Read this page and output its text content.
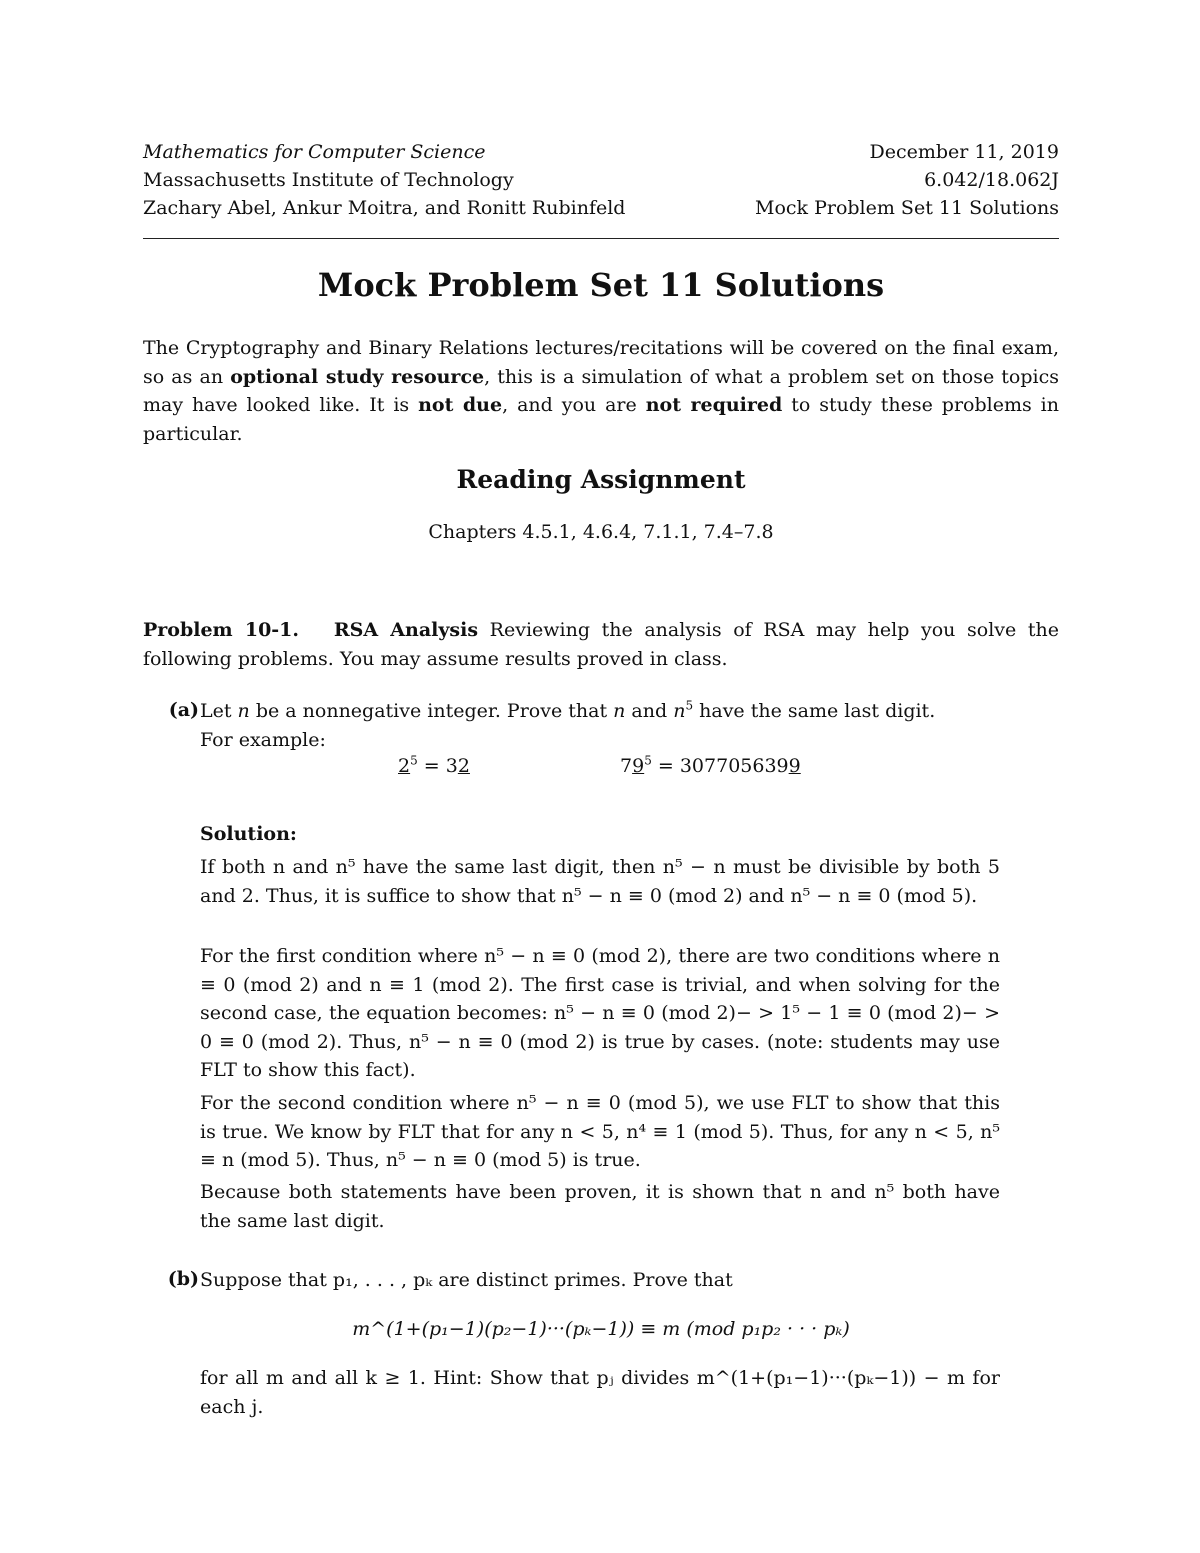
Mathematics for Computer Science	December 11, 2019
Massachusetts Institute of Technology	6.042/18.062J
Zachary Abel, Ankur Moitra, and Ronitt Rubinfeld	Mock Problem Set 11 Solutions
Mock Problem Set 11 Solutions
The Cryptography and Binary Relations lectures/recitations will be covered on the final exam, so as an optional study resource, this is a simulation of what a problem set on those topics may have looked like. It is not due, and you are not required to study these problems in particular.
Reading Assignment
Chapters 4.5.1, 4.6.4, 7.1.1, 7.4–7.8
Problem 10-1. RSA Analysis Reviewing the analysis of RSA may help you solve the following problems. You may assume results proved in class.
(a) Let n be a nonnegative integer. Prove that n and $n^5$ have the same last digit.
For example:
$2^5 = 32$	$79^5 = 3077056399$
Solution:
If both n and n⁵ have the same last digit, then n⁵ − n must be divisible by both 5 and 2. Thus, it is suffice to show that n⁵ − n ≡ 0 (mod 2) and n⁵ − n ≡ 0 (mod 5).
For the first condition where n⁵ − n ≡ 0 (mod 2), there are two conditions where n ≡ 0 (mod 2) and n ≡ 1 (mod 2). The first case is trivial, and when solving for the second case, the equation becomes: n⁵ − n ≡ 0 (mod 2)− > 1⁵ − 1 ≡ 0 (mod 2)− > 0 ≡ 0 (mod 2). Thus, n⁵ − n ≡ 0 (mod 2) is true by cases. (note: students may use FLT to show this fact).
For the second condition where n⁵ − n ≡ 0 (mod 5), we use FLT to show that this is true. We know by FLT that for any n < 5, n⁴ ≡ 1 (mod 5). Thus, for any n < 5, n⁵ ≡ n (mod 5). Thus, n⁵ − n ≡ 0 (mod 5) is true.
Because both statements have been proven, it is shown that n and n⁵ both have the same last digit.
(b) Suppose that p₁, . . . , pₖ are distinct primes. Prove that
m^(1+(p₁−1)(p₂−1)···(pₖ−1)) ≡ m (mod p₁p₂ · · · pₖ)
for all m and all k ≥ 1. Hint: Show that pⱼ divides m^(1+(p₁−1)···(pₖ−1)) − m for each j.
